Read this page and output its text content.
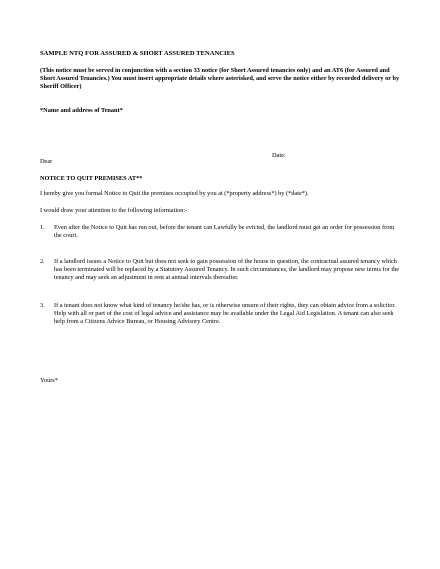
SAMPLE NTQ FOR ASSURED & SHORT ASSURED TENANCIES

(This notice must be served in conjunction with a section 33 notice (for Short Assured tenancies only) and an AT6 (for Assured and Short Assured Tenancies.) You must insert appropriate details where asterisked, and serve the notice either by recorded delivery or by Sheriff Officer)

*Name and address of Tenant*

Date:

Dear

NOTICE TO QUIT PREMISES AT**

I hereby give you formal Notice to Quit the premises occupied by you at (*property address*) by (*date*).

I would draw your attention to the following information:-

1.	Even after the Notice to Quit has run out, before the tenant can Lawfully be evicted, the landlord must get an order for possession from the court.
2.	If a landlord issues a Notice to Quit but does not seek to gain possession of the house in question, the contractual assured tenancy which has been terminated will be replaced by a Statutory Assured Tenancy. In such circumstances, the landlord may propose new terms for the tenancy and may seek an adjustment in rent at annual intervals thereafter.
3.	If a tenant does not know what kind of tenancy he/she has, or is otherwise unsure of their rights, they can obtain advice from a solicitor. Help with all or part of the cost of legal advice and assistance may be available under the Legal Aid Legislation. A tenant can also seek help from a Citizens Advice Bureau, or Housing Advisory Centre.

Yours*
